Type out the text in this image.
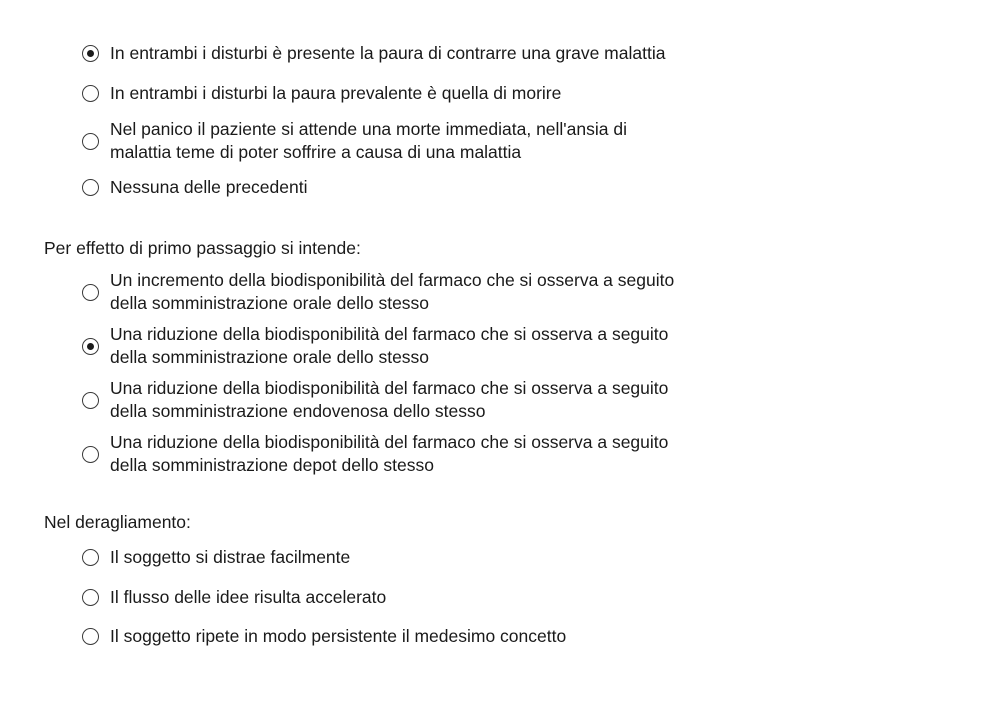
In entrambi i disturbi è presente la paura di contrarre una grave malattia
In entrambi i disturbi la paura prevalente è quella di morire
Nel panico il paziente si attende una morte immediata, nell'ansia di
malattia teme di poter soffrire a causa di una malattia
Nessuna delle precedenti
Per effetto di primo passaggio si intende:
Un incremento della biodisponibilità del farmaco che si osserva a seguito
della somministrazione orale dello stesso
Una riduzione della biodisponibilità del farmaco che si osserva a seguito
della somministrazione orale dello stesso
Una riduzione della biodisponibilità del farmaco che si osserva a seguito
della somministrazione endovenosa dello stesso
Una riduzione della biodisponibilità del farmaco che si osserva a seguito
della somministrazione depot dello stesso
Nel deragliamento:
Il soggetto si distrae facilmente
Il flusso delle idee risulta accelerato
Il soggetto ripete in modo persistente il medesimo concetto
